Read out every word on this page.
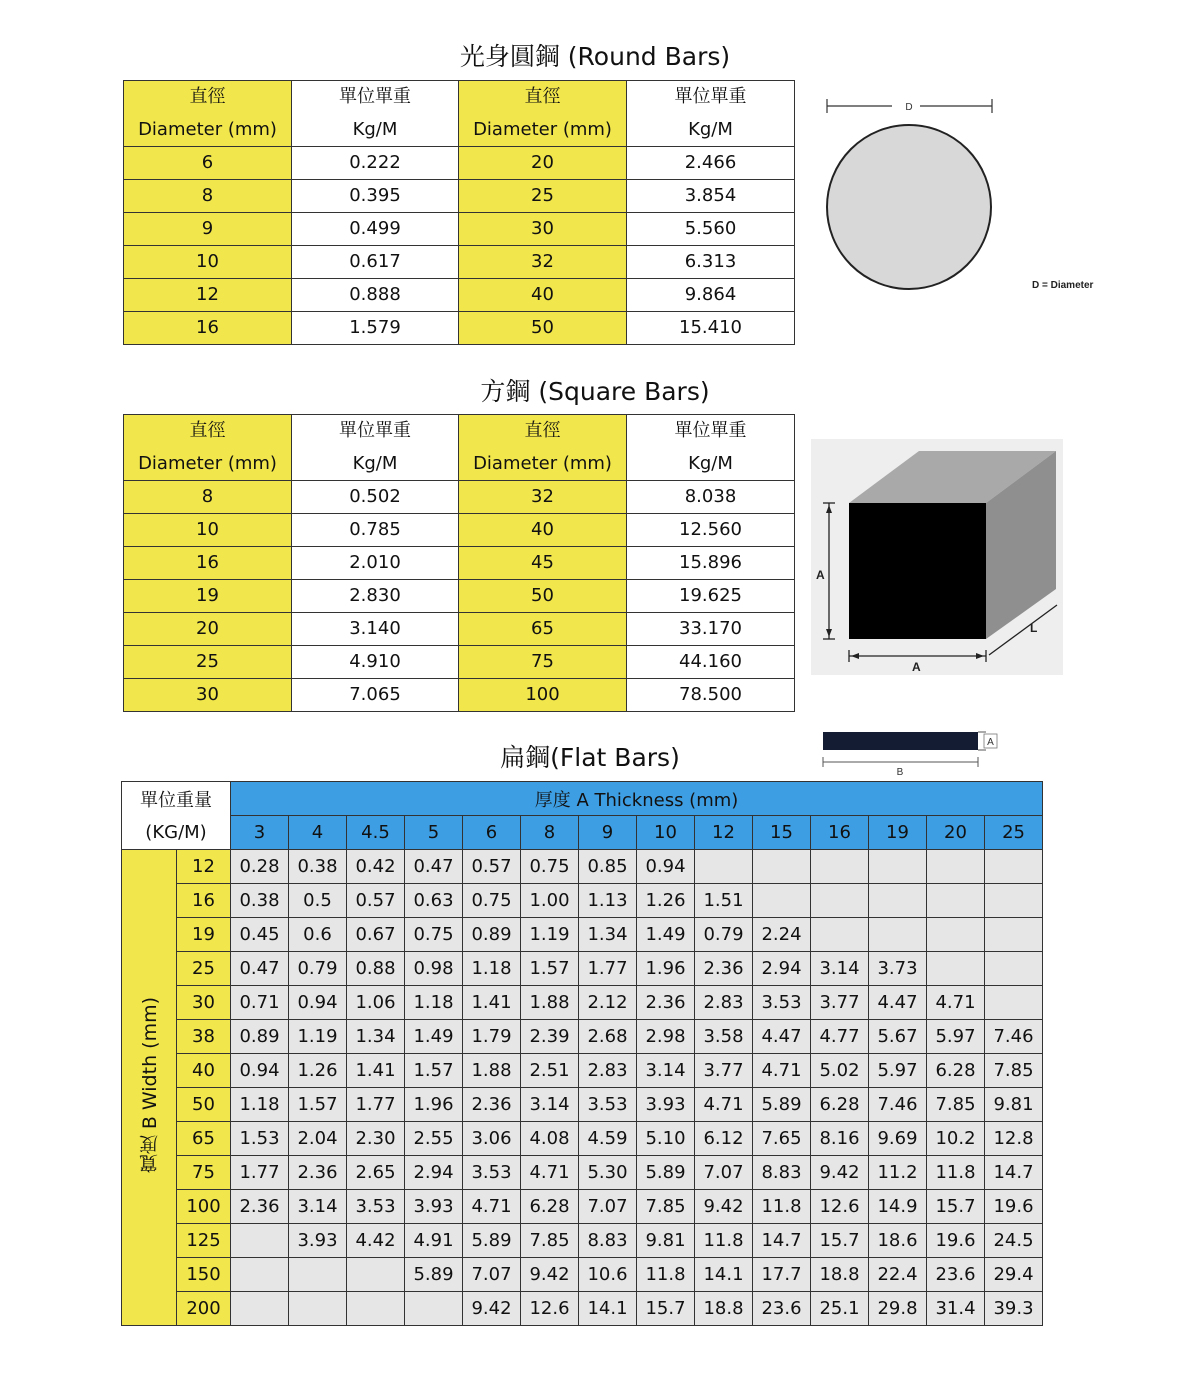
光身圓鋼 (Round Bars)
直徑	單位單重	直徑	單位單重
Diameter (mm)	Kg/M	Diameter (mm)	Kg/M
6	0.222	20	2.466
8	0.395	25	3.854
9	0.499	30	5.560
10	0.617	32	6.313
12	0.888	40	9.864
16	1.579	50	15.410
D
D = Diameter
方鋼 (Square Bars)
直徑	單位單重	直徑	單位單重
Diameter (mm)	Kg/M	Diameter (mm)	Kg/M
8	0.502	32	8.038
10	0.785	40	12.560
16	2.010	45	15.896
19	2.830	50	19.625
20	3.140	65	33.170
25	4.910	75	44.160
30	7.065	100	78.500
A
A
L
扁鋼(Flat Bars)
A
B
單位重量		厚度 A Thickness (mm)													
(KG/M)		3	4	4.5	5	6	8	9	10	12	15	16	19	20	25
寬度 B Width (mm)	12	0.28	0.38	0.42	0.47	0.57	0.75	0.85	0.94						
	16	0.38	0.5	0.57	0.63	0.75	1.00	1.13	1.26	1.51					
	19	0.45	0.6	0.67	0.75	0.89	1.19	1.34	1.49	0.79	2.24				
	25	0.47	0.79	0.88	0.98	1.18	1.57	1.77	1.96	2.36	2.94	3.14	3.73		
	30	0.71	0.94	1.06	1.18	1.41	1.88	2.12	2.36	2.83	3.53	3.77	4.47	4.71	
	38	0.89	1.19	1.34	1.49	1.79	2.39	2.68	2.98	3.58	4.47	4.77	5.67	5.97	7.46
	40	0.94	1.26	1.41	1.57	1.88	2.51	2.83	3.14	3.77	4.71	5.02	5.97	6.28	7.85
	50	1.18	1.57	1.77	1.96	2.36	3.14	3.53	3.93	4.71	5.89	6.28	7.46	7.85	9.81
	65	1.53	2.04	2.30	2.55	3.06	4.08	4.59	5.10	6.12	7.65	8.16	9.69	10.2	12.8
	75	1.77	2.36	2.65	2.94	3.53	4.71	5.30	5.89	7.07	8.83	9.42	11.2	11.8	14.7
	100	2.36	3.14	3.53	3.93	4.71	6.28	7.07	7.85	9.42	11.8	12.6	14.9	15.7	19.6
	125		3.93	4.42	4.91	5.89	7.85	8.83	9.81	11.8	14.7	15.7	18.6	19.6	24.5
	150				5.89	7.07	9.42	10.6	11.8	14.1	17.7	18.8	22.4	23.6	29.4
	200					9.42	12.6	14.1	15.7	18.8	23.6	25.1	29.8	31.4	39.3
